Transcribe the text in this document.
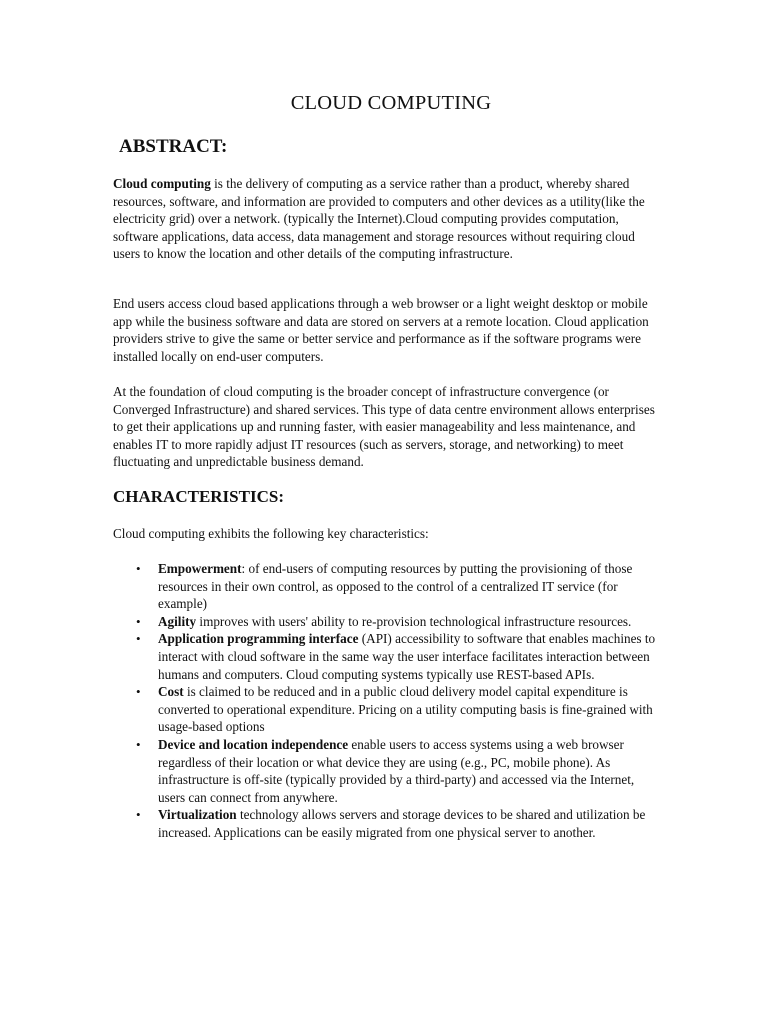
CLOUD COMPUTING
ABSTRACT:

Cloud computing is the delivery of computing as a service rather than a product, whereby shared resources, software, and information are provided to computers and other devices as a utility(like the electricity grid) over a network. (typically the Internet).Cloud computing provides computation, software applications, data access, data management and storage resources without requiring cloud users to know the location and other details of the computing infrastructure.

End users access cloud based applications through a web browser or a light weight desktop or mobile app while the business software and data are stored on servers at a remote location. Cloud application providers strive to give the same or better service and performance as if the software programs were installed locally on end-user computers.

At the foundation of cloud computing is the broader concept of infrastructure convergence (or Converged Infrastructure) and shared services. This type of data centre environment allows enterprises to get their applications up and running faster, with easier manageability and less maintenance, and enables IT to more rapidly adjust IT resources (such as servers, storage, and networking) to meet fluctuating and unpredictable business demand.

CHARACTERISTICS:

Cloud computing exhibits the following key characteristics:

• Empowerment: of end-users of computing resources by putting the provisioning of those resources in their own control, as opposed to the control of a centralized IT service (for example)
• Agility improves with users' ability to re-provision technological infrastructure resources.
• Application programming interface (API) accessibility to software that enables machines to interact with cloud software in the same way the user interface facilitates interaction between humans and computers. Cloud computing systems typically use REST-based APIs.
• Cost is claimed to be reduced and in a public cloud delivery model capital expenditure is converted to operational expenditure. Pricing on a utility computing basis is fine-grained with usage-based options
• Device and location independence enable users to access systems using a web browser regardless of their location or what device they are using (e.g., PC, mobile phone). As infrastructure is off-site (typically provided by a third-party) and accessed via the Internet, users can connect from anywhere.
• Virtualization technology allows servers and storage devices to be shared and utilization be increased. Applications can be easily migrated from one physical server to another.
